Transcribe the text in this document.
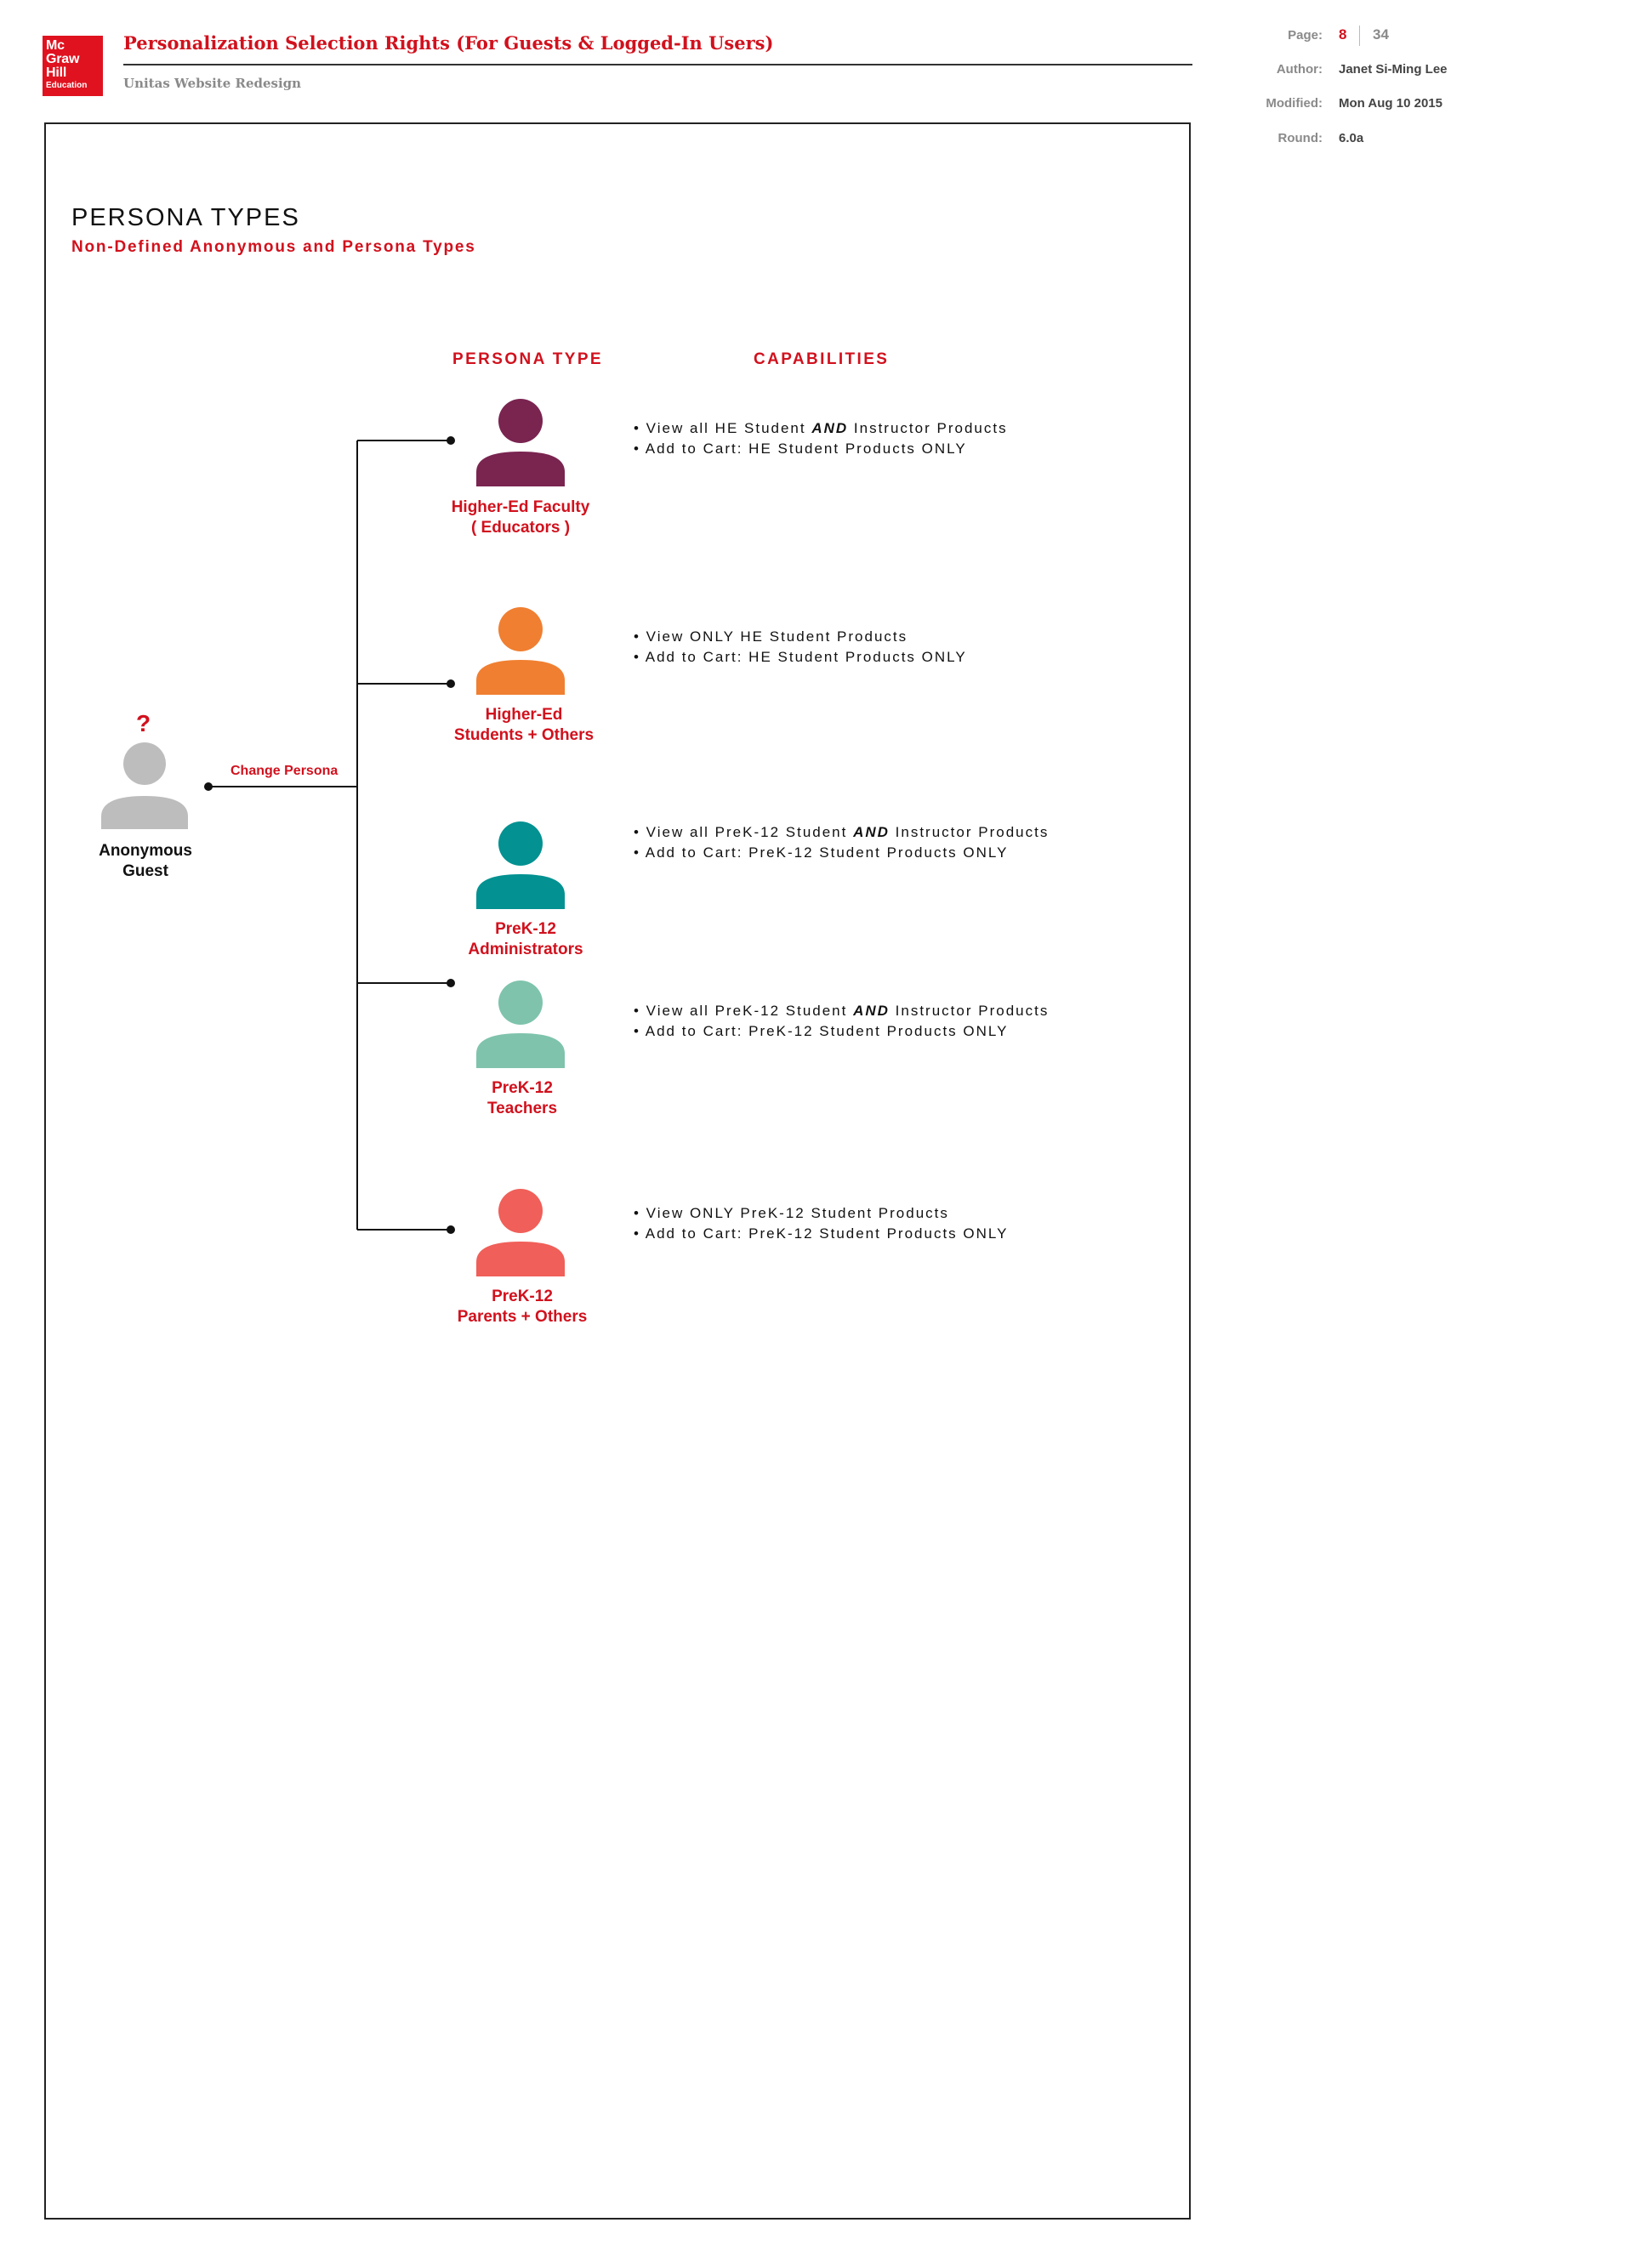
Mc
Graw
Hill
Education
Personalization Selection Rights (For Guests & Logged-In Users)
Unitas Website Redesign
Page: 8 34
Author: Janet Si-Ming Lee
Modified: Mon Aug 10 2015
Round: 6.0a
PERSONA TYPES
Non-Defined Anonymous and Persona Types
PERSONA TYPE	CAPABILITIES
?
Anonymous
Guest
Change Persona
Higher-Ed Faculty
( Educators )
Higher-Ed
Students + Others
PreK-12
Administrators
PreK-12
Teachers
PreK-12
Parents + Others
• View all HE Student AND Instructor Products
• Add to Cart: HE Student Products ONLY
• View ONLY HE Student Products
• Add to Cart: HE Student Products ONLY
• View all PreK-12 Student AND Instructor Products
• Add to Cart: PreK-12 Student Products ONLY
• View all PreK-12 Student AND Instructor Products
• Add to Cart: PreK-12 Student Products ONLY
• View ONLY PreK-12 Student Products
• Add to Cart: PreK-12 Student Products ONLY
